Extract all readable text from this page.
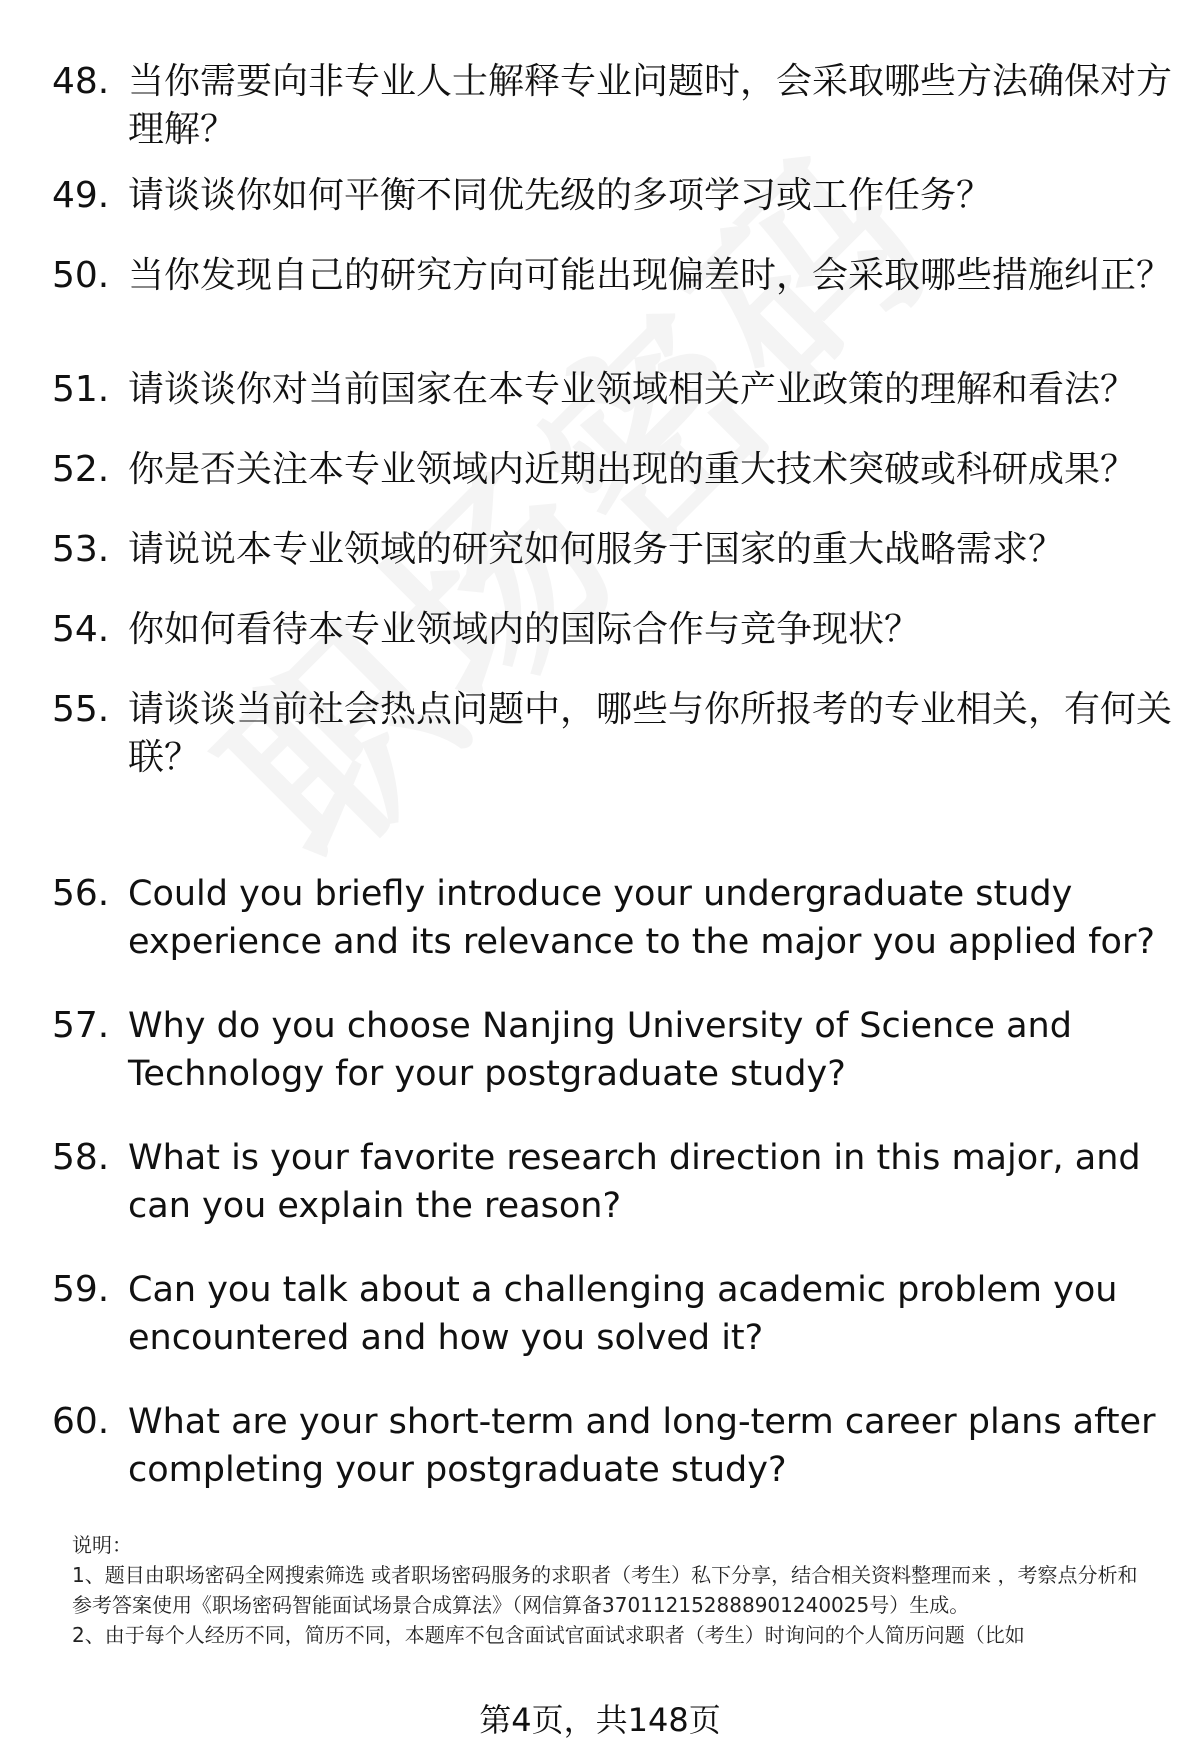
48. 当你需要向非专业人士解释专业问题时，会采取哪些方法确保对方理解？
49. 请谈谈你如何平衡不同优先级的多项学习或工作任务？
50. 当你发现自己的研究方向可能出现偏差时，会采取哪些措施纠正？
51. 请谈谈你对当前国家在本专业领域相关产业政策的理解和看法？
52. 你是否关注本专业领域内近期出现的重大技术突破或科研成果？
53. 请说说本专业领域的研究如何服务于国家的重大战略需求？
54. 你如何看待本专业领域内的国际合作与竞争现状？
55. 请谈谈当前社会热点问题中，哪些与你所报考的专业相关，有何关联？
56. Could you briefly introduce your undergraduate study experience and its relevance to the major you applied for?
57. Why do you choose Nanjing University of Science and Technology for your postgraduate study?
58. What is your favorite research direction in this major, and can you explain the reason?
59. Can you talk about a challenging academic problem you encountered and how you solved it?
60. What are your short-term and long-term career plans after completing your postgraduate study?
说明：
1、题目由职场密码全网搜索筛选 或者职场密码服务的求职者（考生）私下分享，结合相关资料整理而来 ，考察点分析和参考答案使用《职场密码智能面试场景合成算法》（网信算备370112152888901240025号）生成。
2、由于每个人经历不同，简历不同，本题库不包含面试官面试求职者（考生）时询问的个人简历问题（比如
第4页，共148页
